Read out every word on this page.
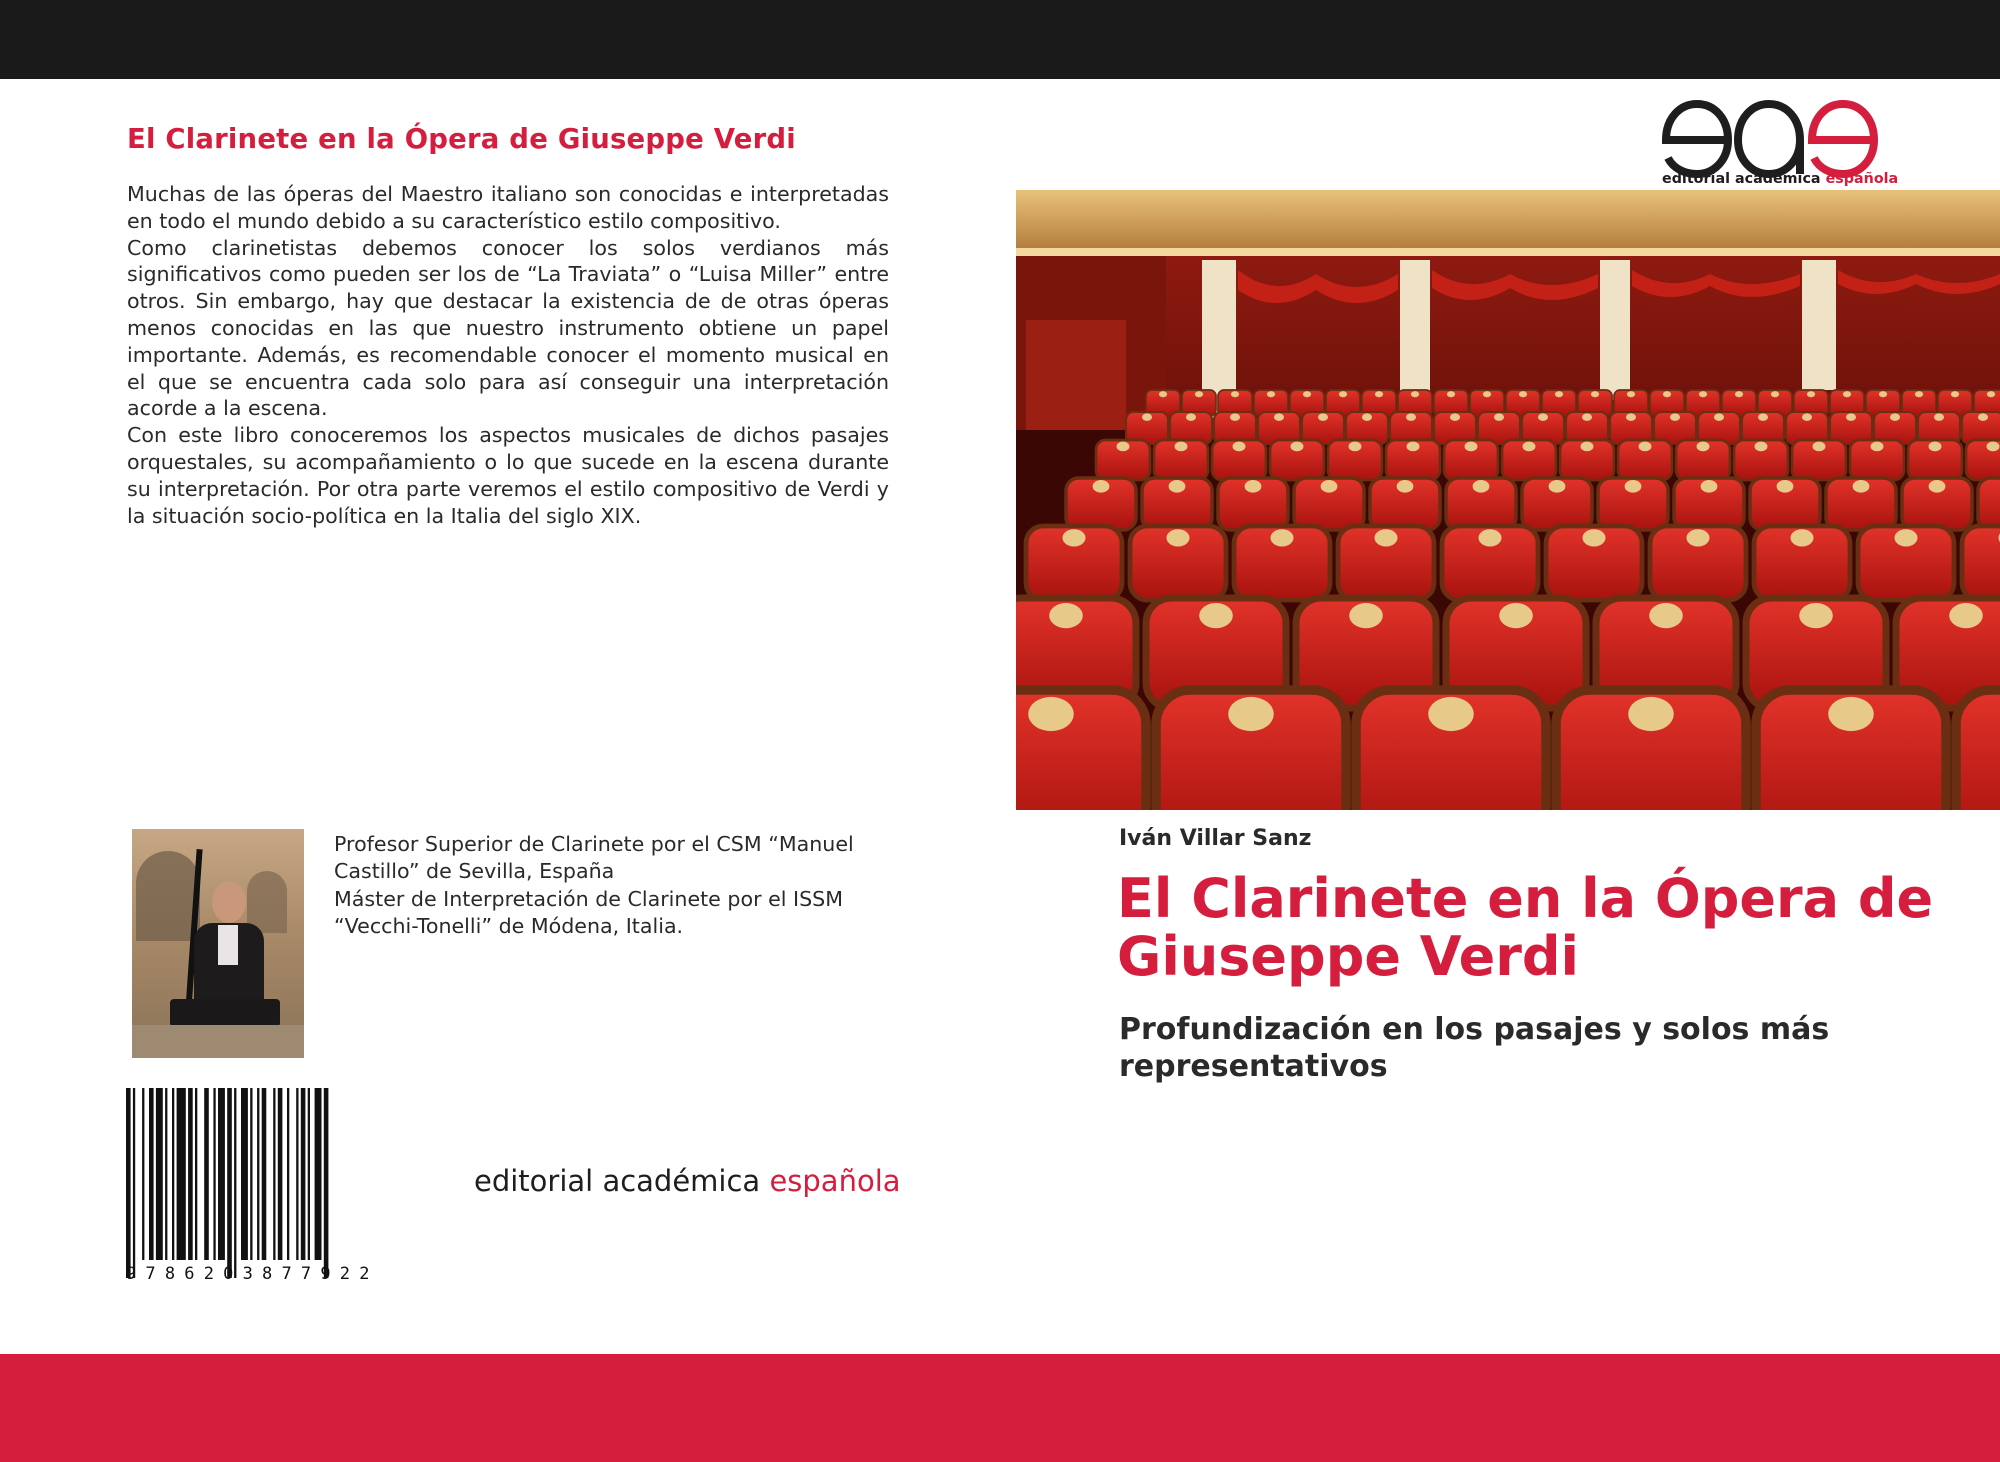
El Clarinete en la Ópera de Giuseppe Verdi

Muchas de las óperas del Maestro italiano son conocidas e interpretadas en todo el mundo debido a su característico estilo compositivo.

Como clarinetistas debemos conocer los solos verdianos más significativos como pueden ser los de “La Traviata” o “Luisa Miller” entre otros. Sin embargo, hay que destacar la existencia de de otras óperas menos conocidas en las que nuestro instrumento obtiene un papel importante. Además, es recomendable conocer el momento musical en el que se encuentra cada solo para así conseguir una interpretación acorde a la escena.

Con este libro conoceremos los aspectos musicales de dichos pasajes orquestales, su acompañamiento o lo que sucede en la escena durante su interpretación. Por otra parte veremos el estilo compositivo de Verdi y la situación socio-política en la Italia del siglo XIX.

Profesor Superior de Clarinete por el CSM “Manuel Castillo” de Sevilla, España

Máster de Interpretación de Clarinete por el ISSM “Vecchi-Tonelli” de Módena, Italia.

9786203877922
editorial académica española
editorial académica española
Iván Villar Sanz
El Clarinete en la Ópera de Giuseppe Verdi

Profundización en los pasajes y solos más representativos
